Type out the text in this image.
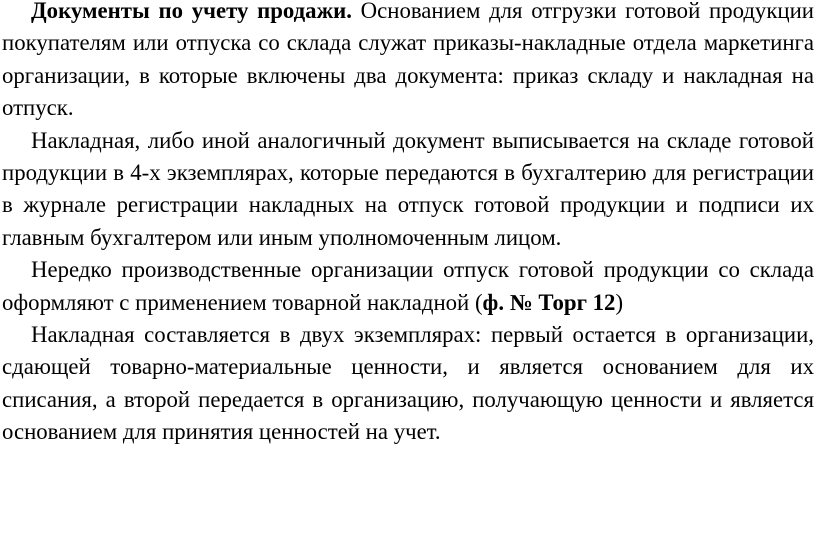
Документы по учету продажи. Основанием для отгрузки готовой продукции покупателям или отпуска со склада служат приказы-накладные отдела маркетинга организации, в которые включены два документа: приказ складу и накладная на отпуск.

Накладная, либо иной аналогичный документ выписывается на складе готовой продукции в 4-х экземплярах, которые передаются в бухгалтерию для регистрации в журнале регистрации накладных на отпуск готовой продукции и подписи их главным бухгалтером или иным уполномоченным лицом.

Нередко производственные организации отпуск готовой продукции со склада оформляют с применением товарной накладной (ф. № Торг 12)

Накладная составляется в двух экземплярах: первый остается в организации, сдающей товарно-материальные ценности, и является основанием для их списания, а второй передается в организацию, получающую ценности и является основанием для принятия ценностей на учет.
